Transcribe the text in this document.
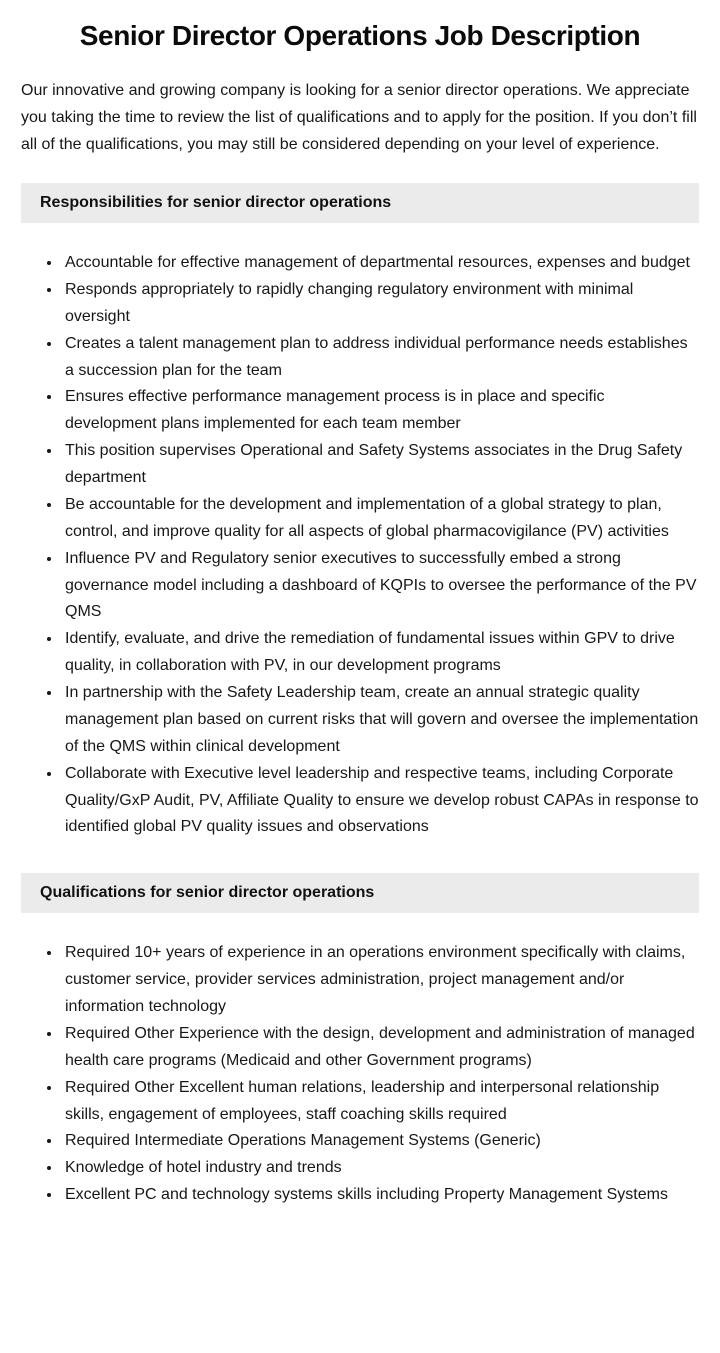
Senior Director Operations Job Description

Our innovative and growing company is looking for a senior director operations. We appreciate you taking the time to review the list of qualifications and to apply for the position. If you don’t fill all of the qualifications, you may still be considered depending on your level of experience.

Responsibilities for senior director operations
• Accountable for effective management of departmental resources, expenses and budget
• Responds appropriately to rapidly changing regulatory environment with minimal oversight
• Creates a talent management plan to address individual performance needs establishes a succession plan for the team
• Ensures effective performance management process is in place and specific development plans implemented for each team member
• This position supervises Operational and Safety Systems associates in the Drug Safety department
• Be accountable for the development and implementation of a global strategy to plan, control, and improve quality for all aspects of global pharmacovigilance (PV) activities
• Influence PV and Regulatory senior executives to successfully embed a strong governance model including a dashboard of KQPIs to oversee the performance of the PV QMS
• Identify, evaluate, and drive the remediation of fundamental issues within GPV to drive quality, in collaboration with PV, in our development programs
• In partnership with the Safety Leadership team, create an annual strategic quality management plan based on current risks that will govern and oversee the implementation of the QMS within clinical development
• Collaborate with Executive level leadership and respective teams, including Corporate Quality/GxP Audit, PV, Affiliate Quality to ensure we develop robust CAPAs in response to identified global PV quality issues and observations
Qualifications for senior director operations
• Required 10+ years of experience in an operations environment specifically with claims, customer service, provider services administration, project management and/or information technology
• Required Other Experience with the design, development and administration of managed health care programs (Medicaid and other Government programs)
• Required Other Excellent human relations, leadership and interpersonal relationship skills, engagement of employees, staff coaching skills required
• Required Intermediate Operations Management Systems (Generic)
• Knowledge of hotel industry and trends
• Excellent PC and technology systems skills including Property Management Systems
